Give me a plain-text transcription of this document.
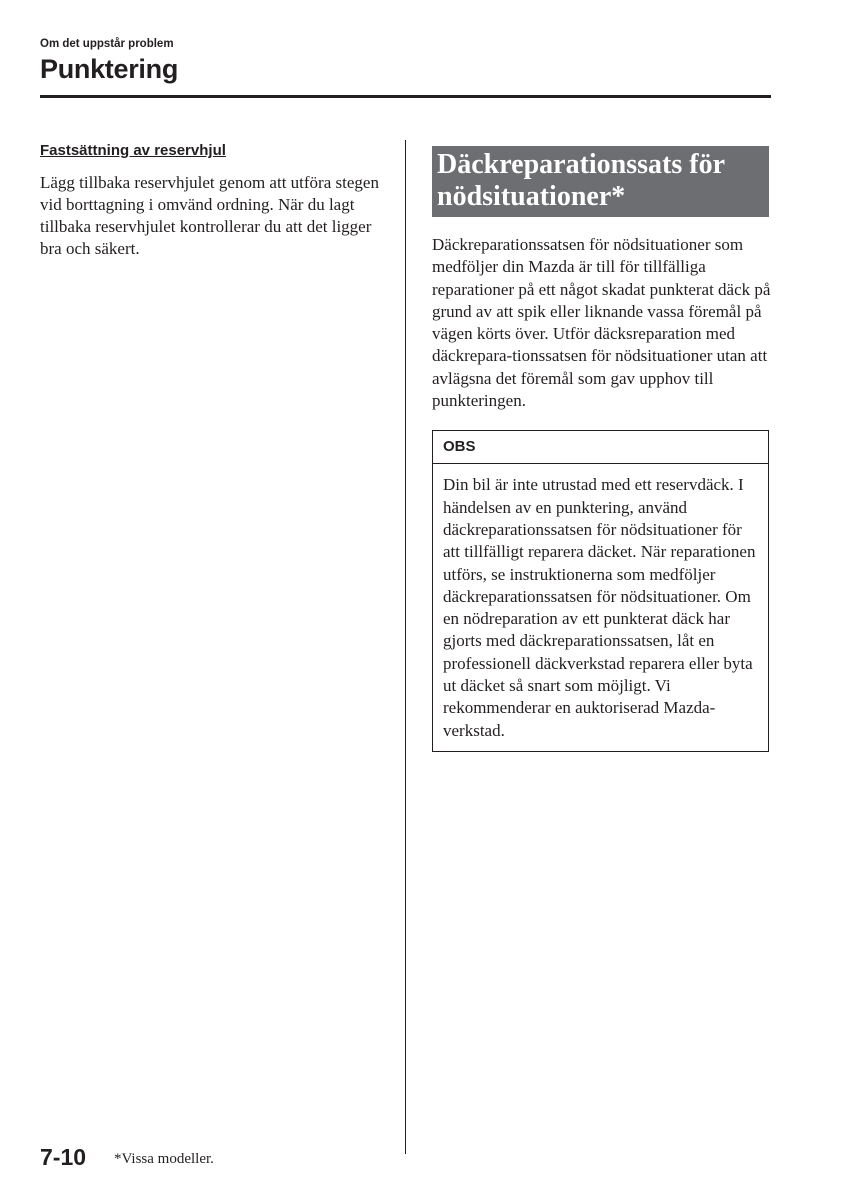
Om det uppstår problem
Punktering
Fastsättning av reservhjul

Lägg tillbaka reservhjulet genom att utföra stegen vid borttagning i omvänd ordning. När du lagt tillbaka reservhjulet kontrollerar du att det ligger bra och säkert.

Däckreparationssats för nödsituationer*

Däckreparationssatsen för nödsituationer som medföljer din Mazda är till för tillfälliga reparationer på ett något skadat punkterat däck på grund av att spik eller liknande vassa föremål på vägen körts över. Utför däcksreparation med däckrepara-tionssatsen för nödsituationer utan att avlägsna det föremål som gav upphov till punkteringen.

OBS
Din bil är inte utrustad med ett reservdäck. I händelsen av en punktering, använd däckreparationssatsen för nödsituationer för att tillfälligt reparera däcket. När reparationen utförs, se instruktionerna som medföljer däckreparationssatsen för nödsituationer. Om en nödreparation av ett punkterat däck har gjorts med däckreparationssatsen, låt en professionell däckverkstad reparera eller byta ut däcket så snart som möjligt. Vi rekommenderar en auktoriserad Mazda-verkstad.
7-10 *Vissa modeller.
